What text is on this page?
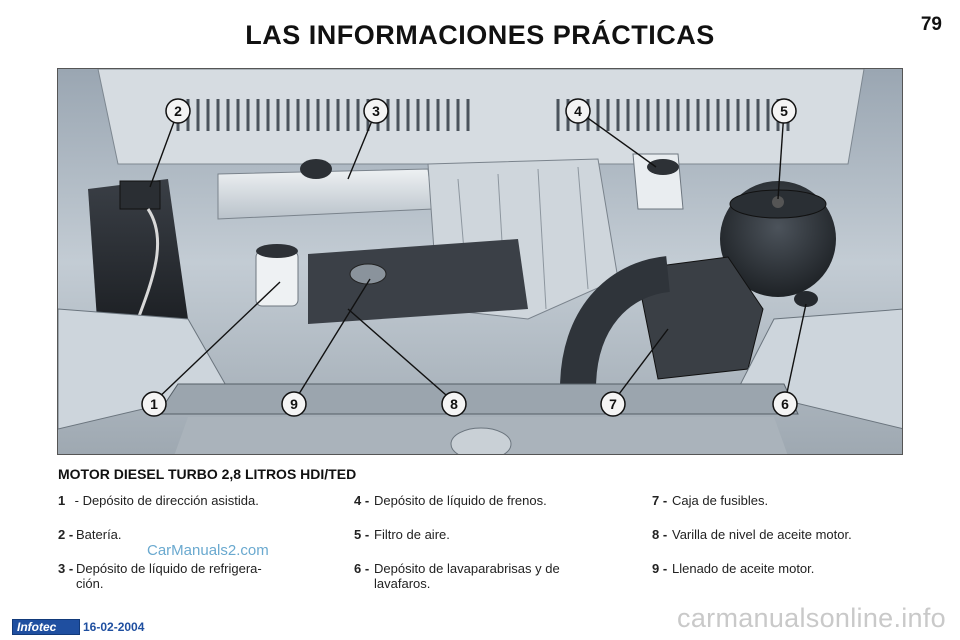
LAS INFORMACIONES PRÁCTICAS	79
1
2	3	4	5
6
7
8
9
MOTOR DIESEL TURBO 2,8 LITROS HDI/TED
1 - Depósito de dirección asistida.
2 - Batería.
3 - Depósito de líquido de refrigera-
ción.
4 - Depósito de líquido de frenos.
5 - Filtro de aire.
6 - Depósito de lavaparabrisas y de
lavafaros.
7 - Caja de fusibles.
8 - Varilla de nivel de aceite motor.
9 - Llenado de aceite motor.
CarManuals2.com
Infotec 16-02-2004	carmanualsonline.info
